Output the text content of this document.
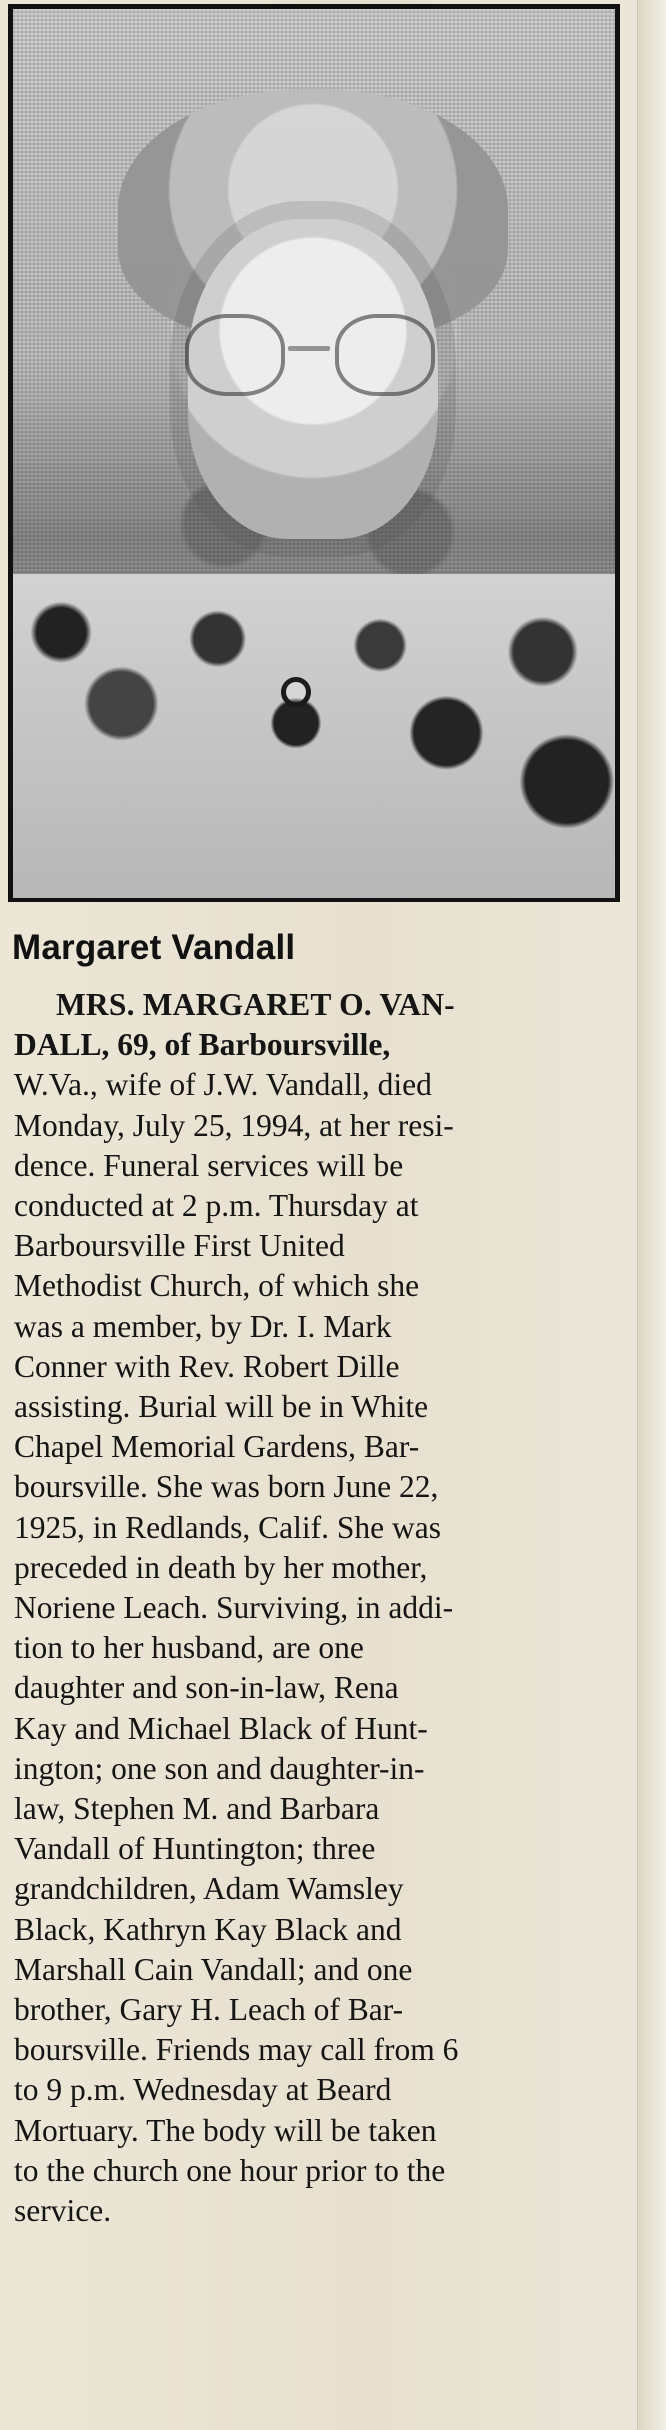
Margaret Vandall
MRS. MARGARET O. VAN-
DALL, 69, of Barboursville,
W.Va., wife of J.W. Vandall, died
Monday, July 25, 1994, at her resi-
dence. Funeral services will be
conducted at 2 p.m. Thursday at
Barboursville First United
Methodist Church, of which she
was a member, by Dr. I. Mark
Conner with Rev. Robert Dille
assisting. Burial will be in White
Chapel Memorial Gardens, Bar-
boursville. She was born June 22,
1925, in Redlands, Calif. She was
preceded in death by her mother,
Noriene Leach. Surviving, in addi-
tion to her husband, are one
daughter and son-in-law, Rena
Kay and Michael Black of Hunt-
ington; one son and daughter-in-
law, Stephen M. and Barbara
Vandall of Huntington; three
grandchildren, Adam Wamsley
Black, Kathryn Kay Black and
Marshall Cain Vandall; and one
brother, Gary H. Leach of Bar-
boursville. Friends may call from 6
to 9 p.m. Wednesday at Beard
Mortuary. The body will be taken
to the church one hour prior to the
service.
